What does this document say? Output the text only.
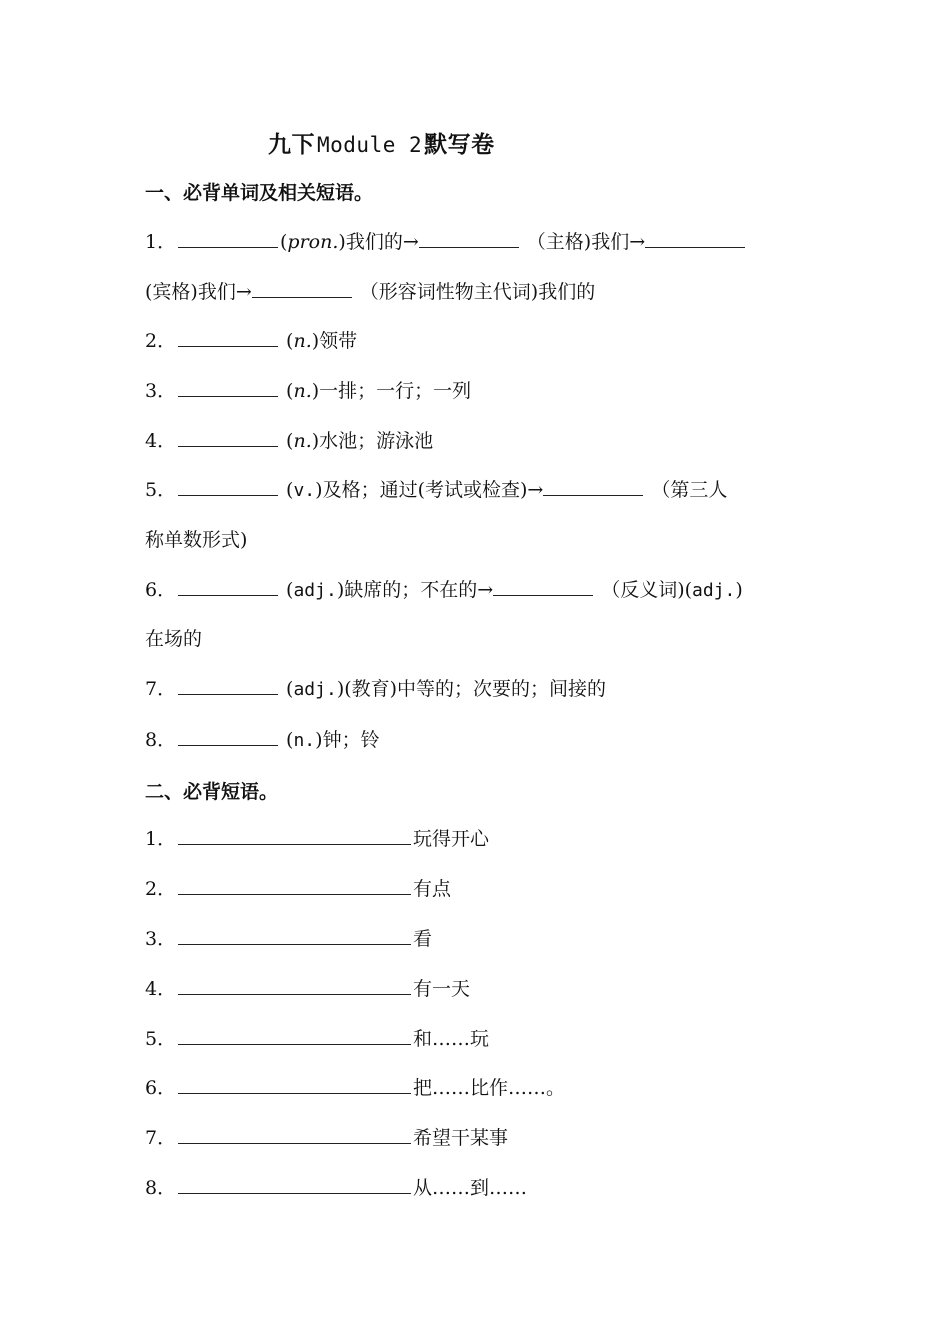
九下Module 2默写卷
一、必背单词及相关短语。
1．	(pron.)我们的→	（主格)我们→
(宾格)我们→	（形容词性物主代词)我们的
2．	(n.)领带
3．	(n.)一排；一行；一列
4．	(n.)水池；游泳池
5．	(v.)及格；通过(考试或检查)→	（第三人
称单数形式)
6．	(adj.)缺席的；不在的→	（反义词)(adj.)
在场的
7．	(adj.)(教育)中等的；次要的；间接的
8．	(n.)钟；铃
二、必背短语。
1．	玩得开心
2．	有点
3．	看
4．	有一天
5．	和……玩
6．	把……比作……。
7．	希望干某事
8．	从……到……
